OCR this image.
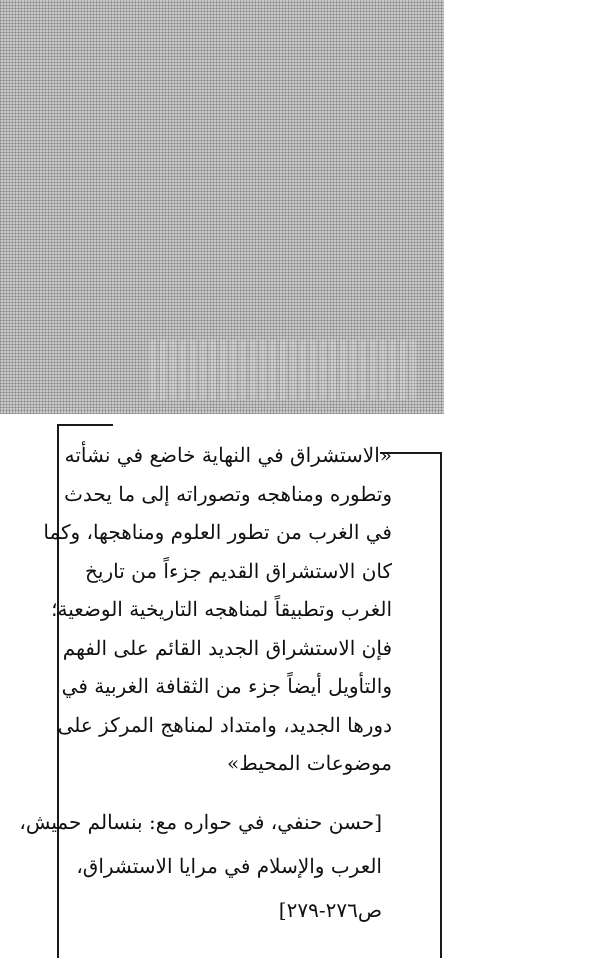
«الاستشراق في النهاية خاضع في نشأته
وتطوره ومناهجه وتصوراته إلى ما يحدث
في الغرب من تطور العلوم ومناهجها، وكما
كان الاستشراق القديم جزءاً من تاريخ
الغرب وتطبيقاً لمناهجه التاريخية الوضعية؛
فإن الاستشراق الجديد القائم على الفهم
والتأويل أيضاً جزء من الثقافة الغربية في
دورها الجديد، وامتداد لمناهج المركز على
موضوعات المحيط»
[حسن حنفي، في حواره مع: بنسالم حميش،
العرب والإسلام في مرايا الاستشراق،
ص٢٧٦-٢٧٩]
